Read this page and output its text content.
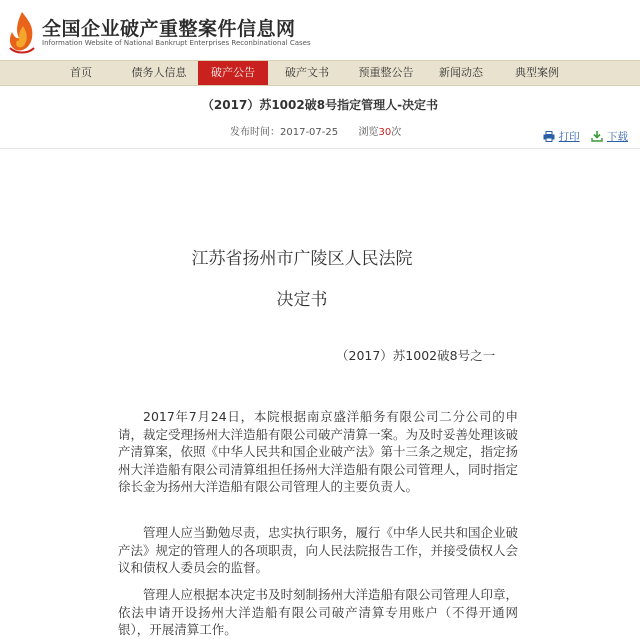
全国企业破产重整案件信息网
Information Website of National Bankrupt Enterprises Reconbinational Cases
首页	债务人信息	破产公告	破产文书	预重整公告	新闻动态	典型案例
（2017）苏1002破8号指定管理人-决定书
发布时间：2017-07-25 浏览30次	打印	下载
江苏省扬州市广陵区人民法院
决定书
（2017）苏1002破8号之一
2017年7月24日，本院根据南京盛洋船务有限公司二分公司的申请，裁定受理扬州大洋造船有限公司破产清算一案。为及时妥善处理该破产清算案，依照《中华人民共和国企业破产法》第十三条之规定，指定扬州大洋造船有限公司清算组担任扬州大洋造船有限公司管理人，同时指定徐长金为扬州大洋造船有限公司管理人的主要负责人。
管理人应当勤勉尽责，忠实执行职务，履行《中华人民共和国企业破产法》规定的管理人的各项职责，向人民法院报告工作，并接受债权人会议和债权人委员会的监督。
管理人应根据本决定书及时刻制扬州大洋造船有限公司管理人印章，依法申请开设扬州大洋造船有限公司破产清算专用账户（不得开通网银），开展清算工作。
